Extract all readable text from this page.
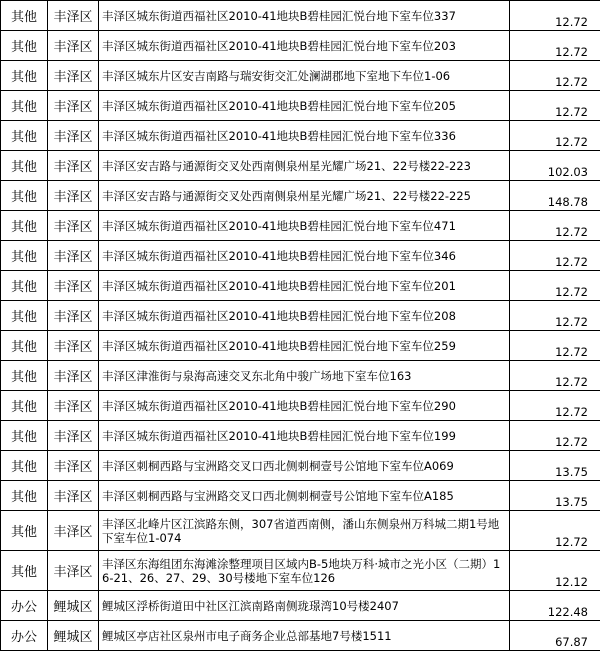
其他	丰泽区	丰泽区城东街道西福社区2010-41地块B碧桂园汇悦台地下室车位337	12.72
其他	丰泽区	丰泽区城东街道西福社区2010-41地块B碧桂园汇悦台地下室车位203	12.72
其他	丰泽区	丰泽区城东片区安吉南路与瑞安街交汇处澜湖郡地下室地下车位1-06	12.72
其他	丰泽区	丰泽区城东街道西福社区2010-41地块B碧桂园汇悦台地下室车位205	12.72
其他	丰泽区	丰泽区城东街道西福社区2010-41地块B碧桂园汇悦台地下室车位336	12.72
其他	丰泽区	丰泽区安吉路与通源街交叉处西南侧泉州星光耀广场21、22号楼22-223	102.03
其他	丰泽区	丰泽区安吉路与通源街交叉处西南侧泉州星光耀广场21、22号楼22-225	148.78
其他	丰泽区	丰泽区城东街道西福社区2010-41地块B碧桂园汇悦台地下室车位471	12.72
其他	丰泽区	丰泽区城东街道西福社区2010-41地块B碧桂园汇悦台地下室车位346	12.72
其他	丰泽区	丰泽区城东街道西福社区2010-41地块B碧桂园汇悦台地下室车位201	12.72
其他	丰泽区	丰泽区城东街道西福社区2010-41地块B碧桂园汇悦台地下室车位208	12.72
其他	丰泽区	丰泽区城东街道西福社区2010-41地块B碧桂园汇悦台地下室车位259	12.72
其他	丰泽区	丰泽区津淮街与泉海高速交叉东北角中骏广场地下室车位163	12.72
其他	丰泽区	丰泽区城东街道西福社区2010-41地块B碧桂园汇悦台地下室车位290	12.72
其他	丰泽区	丰泽区城东街道西福社区2010-41地块B碧桂园汇悦台地下室车位199	12.72
其他	丰泽区	丰泽区刺桐西路与宝洲路交叉口西北侧刺桐壹号公馆地下室车位A069	13.75
其他	丰泽区	丰泽区刺桐西路与宝洲路交叉口西北侧刺桐壹号公馆地下室车位A185	13.75
其他	丰泽区	丰泽区北峰片区江滨路东侧，307省道西南侧，潘山东侧泉州万科城二期1号地下室车位1-074	12.72
其他	丰泽区	丰泽区东海组团东海滩涂整理项目区域内B-5地块万科·城市之光小区（二期）16-21、26、27、29、30号楼地下室车位126	12.12
办公	鲤城区	鲤城区浮桥街道田中社区江滨南路南侧珑璟湾10号楼2407	122.48
办公	鲤城区	鲤城区亭店社区泉州市电子商务企业总部基地7号楼1511	67.87
